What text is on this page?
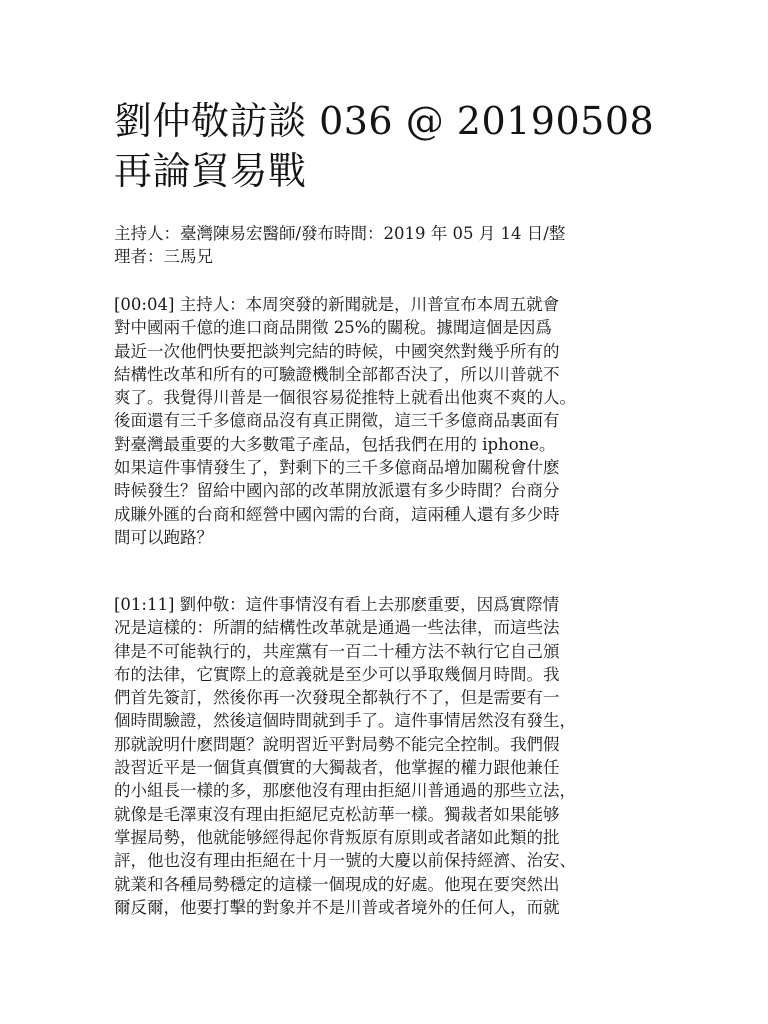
劉仲敬訪談 036 @ 20190508
再論貿易戰

主持人：臺灣陳易宏醫師/發布時間：2019 年 05 月 14 日/整
理者：三馬兄

[00:04] 主持人：本周突發的新聞就是，川普宣布本周五就會
對中國兩千億的進口商品開徵 25%的關稅。據聞這個是因爲
最近一次他們快要把談判完結的時候，中國突然對幾乎所有的
結構性改革和所有的可驗證機制全部都否決了，所以川普就不
爽了。我覺得川普是一個很容易從推特上就看出他爽不爽的人。
後面還有三千多億商品沒有真正開徵，這三千多億商品裏面有
對臺灣最重要的大多數電子產品，包括我們在用的 iphone。
如果這件事情發生了，對剩下的三千多億商品增加關稅會什麽
時候發生？留給中國內部的改革開放派還有多少時間？台商分
成賺外匯的台商和經營中國內需的台商，這兩種人還有多少時
間可以跑路？

[01:11] 劉仲敬：這件事情沒有看上去那麽重要，因爲實際情
况是這樣的：所謂的結構性改革就是通過一些法律，而這些法
律是不可能執行的，共産黨有一百二十種方法不執行它自己頒
布的法律，它實際上的意義就是至少可以爭取幾個月時間。我
們首先簽訂，然後你再一次發現全都執行不了，但是需要有一
個時間驗證，然後這個時間就到手了。這件事情居然沒有發生，
那就說明什麽問題？說明習近平對局勢不能完全控制。我們假
設習近平是一個貨真價實的大獨裁者，他掌握的權力跟他兼任
的小組長一樣的多，那麽他沒有理由拒絕川普通過的那些立法，
就像是毛澤東沒有理由拒絕尼克松訪華一樣。獨裁者如果能够
掌握局勢，他就能够經得起你背叛原有原則或者諸如此類的批
評，他也沒有理由拒絕在十月一號的大慶以前保持經濟、治安、
就業和各種局勢穩定的這樣一個現成的好處。他現在要突然出
爾反爾，他要打擊的對象并不是川普或者境外的任何人，而就
